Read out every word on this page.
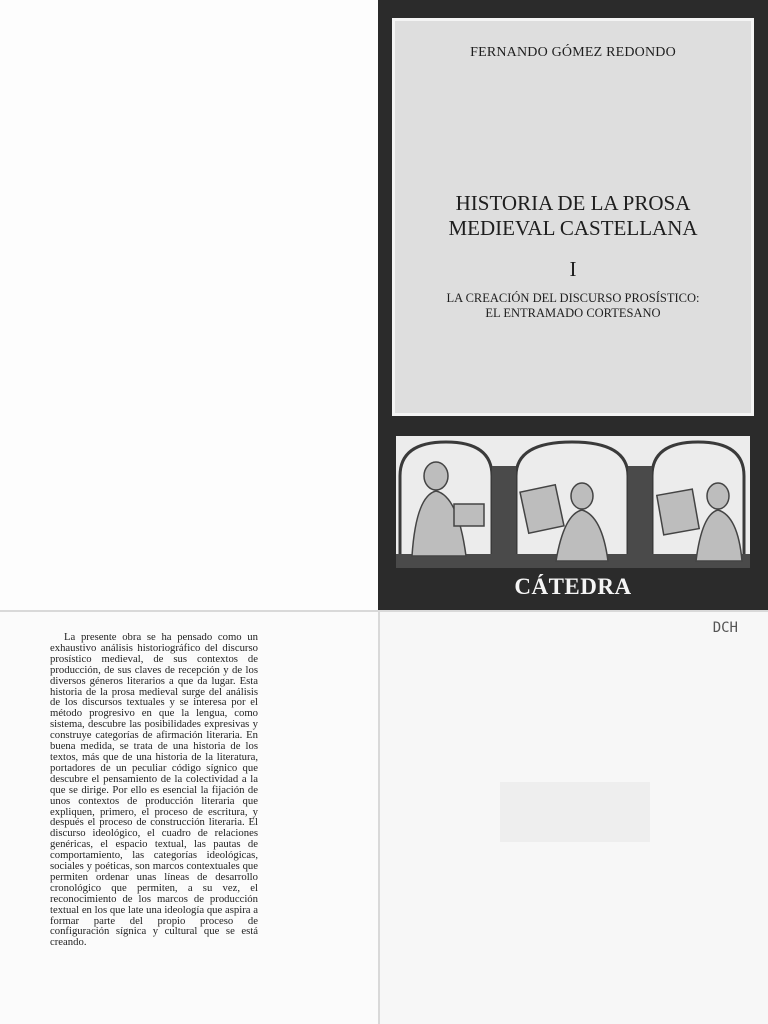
FERNANDO GÓMEZ REDONDO
HISTORIA DE LA PROSA
MEDIEVAL CASTELLANA
I
LA CREACIÓN DEL DISCURSO PROSÍSTICO:
EL ENTRAMADO CORTESANO
CÁTEDRA

La presente obra se ha pensado como un exhaustivo análisis historiográfico del discurso prosístico medieval, de sus contextos de producción, de sus claves de recepción y de los diversos géneros literarios a que da lugar. Esta historia de la prosa medieval surge del análisis de los discursos textuales y se interesa por el método progresivo en que la lengua, como sistema, descubre las posibilidades expresivas y construye categorías de afirmación literaria. En buena medida, se trata de una historia de los textos, más que de una historia de la literatura, portadores de un peculiar código sígnico que descubre el pensamiento de la colectividad a la que se dirige. Por ello es esencial la fijación de unos contextos de producción literaria que expliquen, primero, el proceso de escritura, y después el proceso de construcción literaria. El discurso ideológico, el cuadro de relaciones genéricas, el espacio textual, las pautas de comportamiento, las categorías ideológicas, sociales y poéticas, son marcos contextuales que permiten ordenar unas líneas de desarrollo cronológico que permiten, a su vez, el reconocimiento de los marcos de producción textual en los que late una ideología que aspira a formar parte del propio proceso de configuración sígnica y cultural que se está creando.

DCH
